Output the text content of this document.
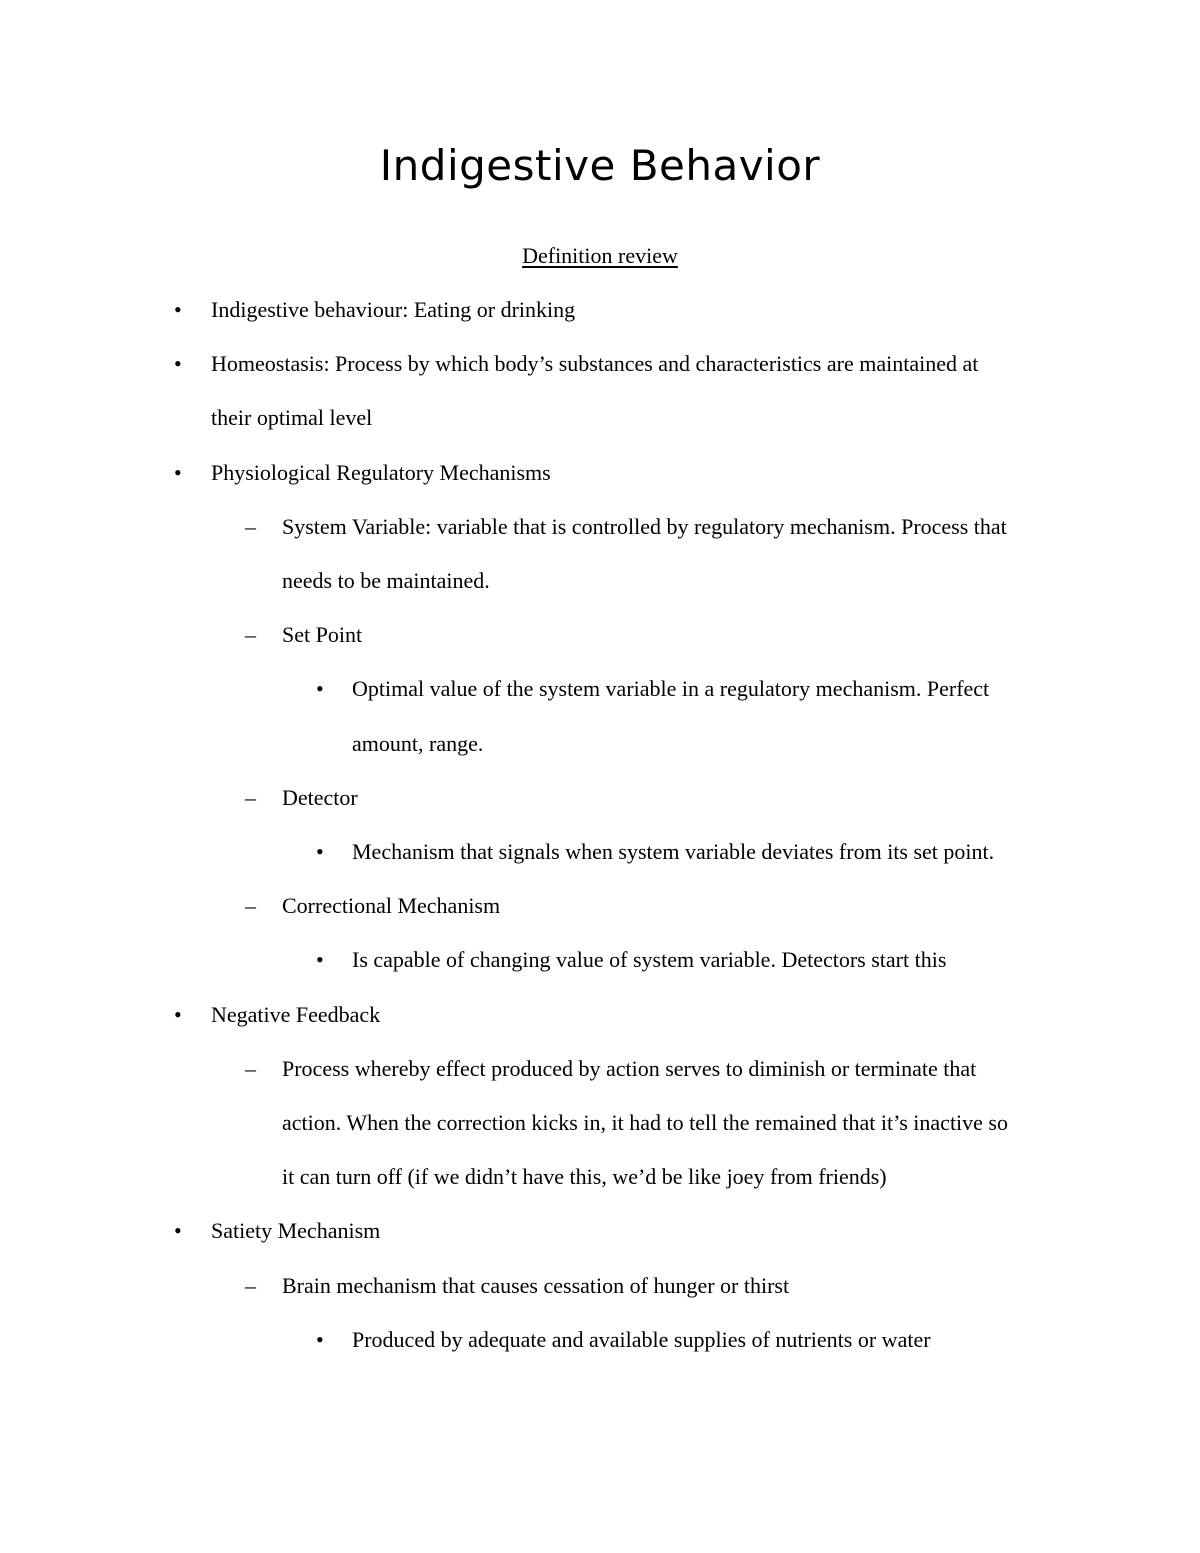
Indigestive Behavior
Definition review
• Indigestive behaviour: Eating or drinking
• Homeostasis: Process by which body’s substances and characteristics are maintained at
their optimal level
• Physiological Regulatory Mechanisms
– System Variable: variable that is controlled by regulatory mechanism. Process that
needs to be maintained.
– Set Point
• Optimal value of the system variable in a regulatory mechanism. Perfect
amount, range.
– Detector
• Mechanism that signals when system variable deviates from its set point.
– Correctional Mechanism
• Is capable of changing value of system variable. Detectors start this
• Negative Feedback
– Process whereby effect produced by action serves to diminish or terminate that
action. When the correction kicks in, it had to tell the remained that it’s inactive so
it can turn off (if we didn’t have this, we’d be like joey from friends)
• Satiety Mechanism
– Brain mechanism that causes cessation of hunger or thirst
• Produced by adequate and available supplies of nutrients or water
